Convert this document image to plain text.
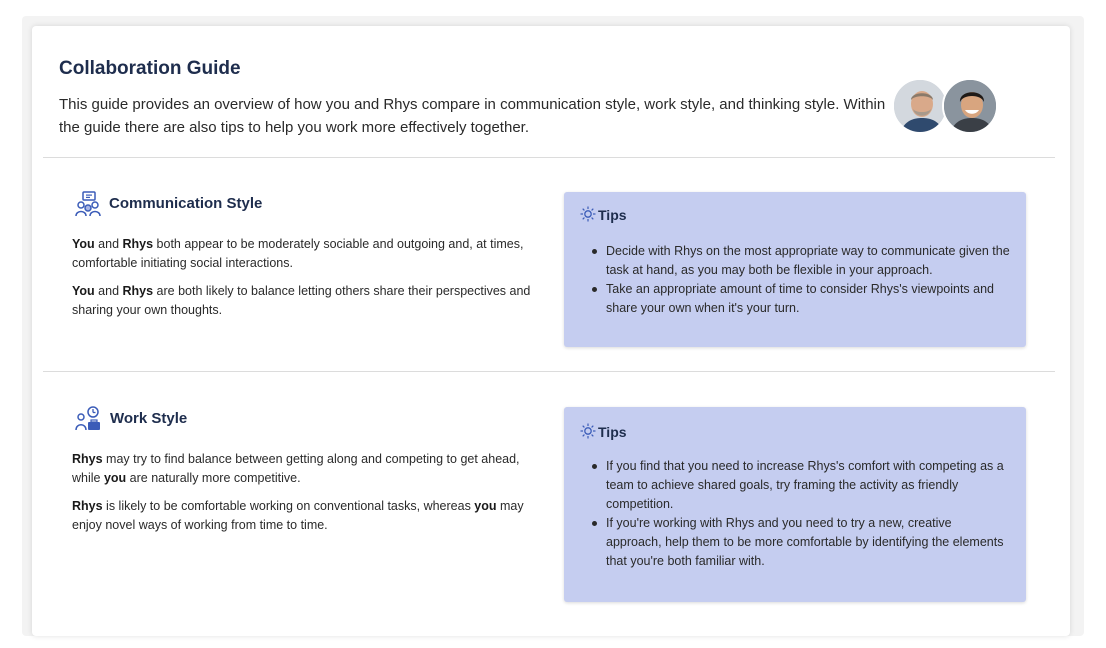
Collaboration Guide
This guide provides an overview of how you and Rhys compare in communication style, work style, and thinking style. Within the guide there are also tips to help you work more effectively together.
Communication Style
You and Rhys both appear to be moderately sociable and outgoing and, at times, comfortable initiating social interactions.
You and Rhys are both likely to balance letting others share their perspectives and sharing your own thoughts.
Tips
Decide with Rhys on the most appropriate way to communicate given the task at hand, as you may both be flexible in your approach.
Take an appropriate amount of time to consider Rhys's viewpoints and share your own when it's your turn.
Work Style
Rhys may try to find balance between getting along and competing to get ahead, while you are naturally more competitive.
Rhys is likely to be comfortable working on conventional tasks, whereas you may enjoy novel ways of working from time to time.
Tips
If you find that you need to increase Rhys's comfort with competing as a team to achieve shared goals, try framing the activity as friendly competition.
If you're working with Rhys and you need to try a new, creative approach, help them to be more comfortable by identifying the elements that you're both familiar with.
